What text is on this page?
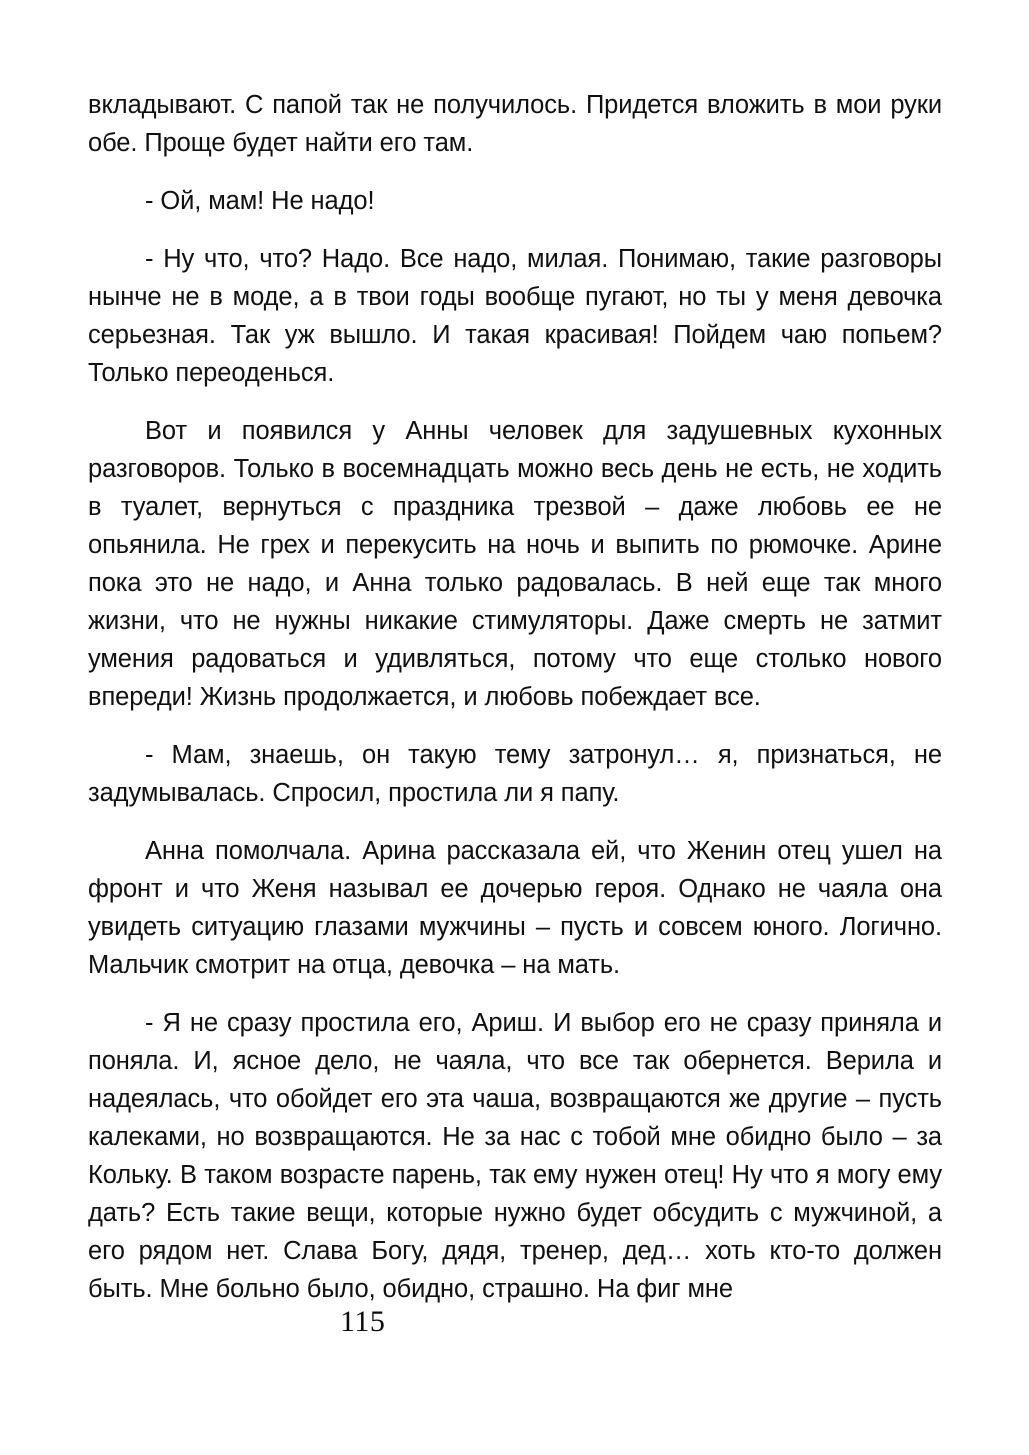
вкладывают. С папой так не получилось. Придется вложить в мои руки обе. Проще будет найти его там.

- Ой, мам! Не надо!

- Ну что, что? Надо. Все надо, милая. Понимаю, такие разговоры нынче не в моде, а в твои годы вообще пугают, но ты у меня девочка серьезная. Так уж вышло. И такая красивая! Пойдем чаю попьем? Только переоденься.

Вот и появился у Анны человек для задушевных кухонных разговоров. Только в восемнадцать можно весь день не есть, не ходить в туалет, вернуться с праздника трезвой – даже любовь ее не опьянила. Не грех и перекусить на ночь и выпить по рюмочке. Арине пока это не надо, и Анна только радовалась. В ней еще так много жизни, что не нужны никакие стимуляторы. Даже смерть не затмит умения радоваться и удивляться, потому что еще столько нового впереди! Жизнь продолжается, и любовь побеждает все.

- Мам, знаешь, он такую тему затронул… я, признаться, не задумывалась. Спросил, простила ли я папу.

Анна помолчала. Арина рассказала ей, что Женин отец ушел на фронт и что Женя называл ее дочерью героя. Однако не чаяла она увидеть ситуацию глазами мужчины – пусть и совсем юного. Логично. Мальчик смотрит на отца, девочка – на мать.

- Я не сразу простила его, Ариш. И выбор его не сразу приняла и поняла. И, ясное дело, не чаяла, что все так обернется. Верила и надеялась, что обойдет его эта чаша, возвращаются же другие – пусть калеками, но возвращаются. Не за нас с тобой мне обидно было – за Кольку. В таком возрасте парень, так ему нужен отец! Ну что я могу ему дать? Есть такие вещи, которые нужно будет обсудить с мужчиной, а его рядом нет. Слава Богу, дядя, тренер, дед… хоть кто-то должен быть. Мне больно было, обидно, страшно. На фиг мне

115
